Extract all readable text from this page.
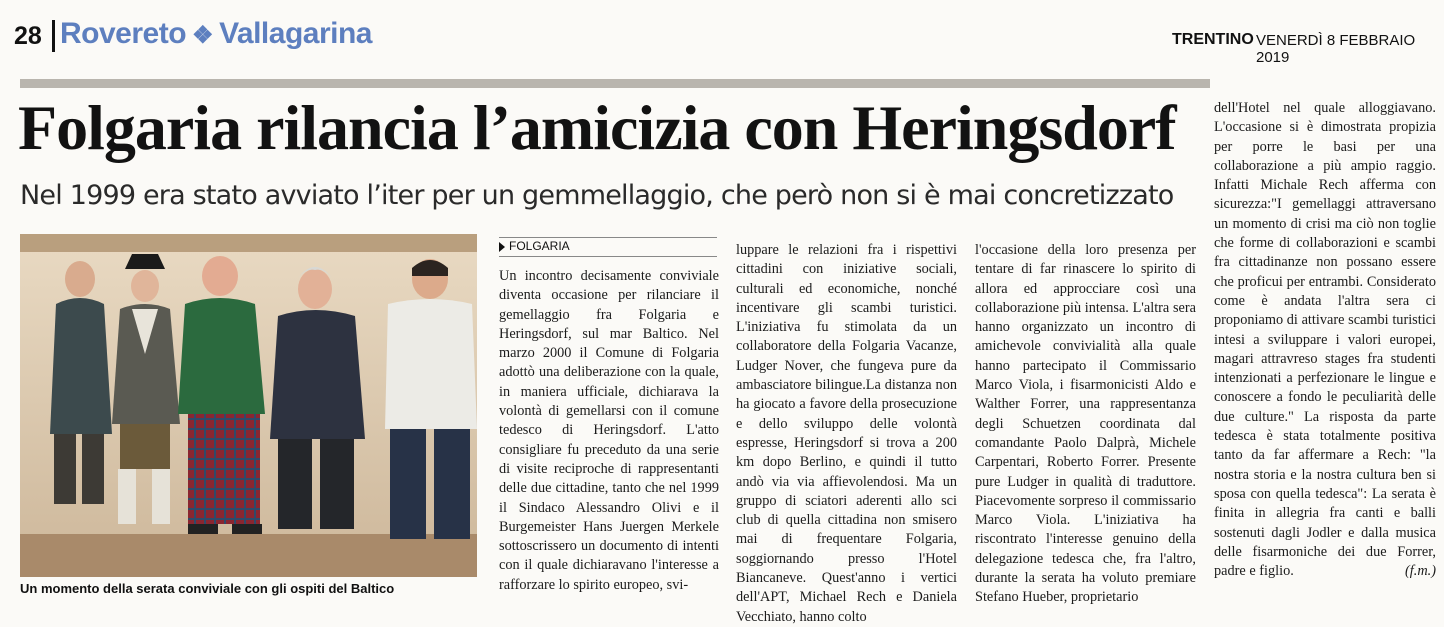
28 Rovereto ❖ Vallagarina	TRENTINO VENERDÌ 8 FEBBRAIO 2019
Folgaria rilancia l’amicizia con Heringsdorf
Nel 1999 era stato avviato l’iter per un gemmellaggio, che però non si è mai concretizzato
Un momento della serata conviviale con gli ospiti del Baltico
FOLGARIA

Un incontro decisamente conviviale diventa occasione per rilanciare il gemellaggio fra Folgaria e Heringsdorf, sul mar Baltico. Nel marzo 2000 il Comune di Folgaria adottò una deliberazione con la quale, in maniera ufficiale, dichiarava la volontà di gemellarsi con il comune tedesco di Heringsdorf. L'atto consigliare fu preceduto da una serie di visite reciproche di rappresentanti delle due cittadine, tanto che nel 1999 il Sindaco Alessandro Olivi e il Burgemeister Hans Juergen Merkele sottoscrissero un documento di intenti con il quale dichiaravano l'interesse a rafforzare lo spirito europeo, svi-

luppare le relazioni fra i rispettivi cittadini con iniziative sociali, culturali ed economiche, nonché incentivare gli scambi turistici. L'iniziativa fu stimolata da un collaboratore della Folgaria Vacanze, Ludger Nover, che fungeva pure da ambasciatore bilingue.La distanza non ha giocato a favore della prosecuzione e dello sviluppo delle volontà espresse, Heringsdorf si trova a 200 km dopo Berlino, e quindi il tutto andò via via affievolendosi. Ma un gruppo di sciatori aderenti allo sci club di quella cittadina non smisero mai di frequentare Folgaria, soggiornando presso l'Hotel Biancaneve. Quest'anno i vertici dell'APT, Michael Rech e Daniela Vecchiato, hanno colto

l'occasione della loro presenza per tentare di far rinascere lo spirito di allora ed approcciare così una collaborazione più intensa. L'altra sera hanno organizzato un incontro di amichevole convivialità alla quale hanno partecipato il Commissario Marco Viola, i fisarmonicisti Aldo e Walther Forrer, una rappresentanza degli Schuetzen coordinata dal comandante Paolo Dalprà, Michele Carpentari, Roberto Forrer. Presente pure Ludger in qualità di traduttore. Piacevomente sorpreso il commissario Marco Viola. L'iniziativa ha riscontrato l'interesse genuino della delegazione tedesca che, fra l'altro, durante la serata ha voluto premiare Stefano Hueber, proprietario

dell'Hotel nel quale alloggiavano. L'occasione si è dimostrata propizia per porre le basi per una collaborazione a più ampio raggio. Infatti Michale Rech afferma con sicurezza:"I gemellaggi attraversano un momento di crisi ma ciò non toglie che forme di collaborazioni e scambi fra cittadinanze non possano essere che proficui per entrambi. Considerato come è andata l'altra sera ci proponiamo di attivare scambi turistici intesi a sviluppare i valori europei, magari attravreso stages fra studenti intenzionati a perfezionare le lingue e conoscere a fondo le peculiarità delle due culture." La risposta da parte tedesca è stata totalmente positiva tanto da far affermare a Rech: "la nostra storia e la nostra cultura ben si sposa con quella tedesca": La serata è finita in allegria fra canti e balli sostenuti dagli Jodler e dalla musica delle fisarmoniche dei due Forrer, padre e figlio.	(f.m.)
